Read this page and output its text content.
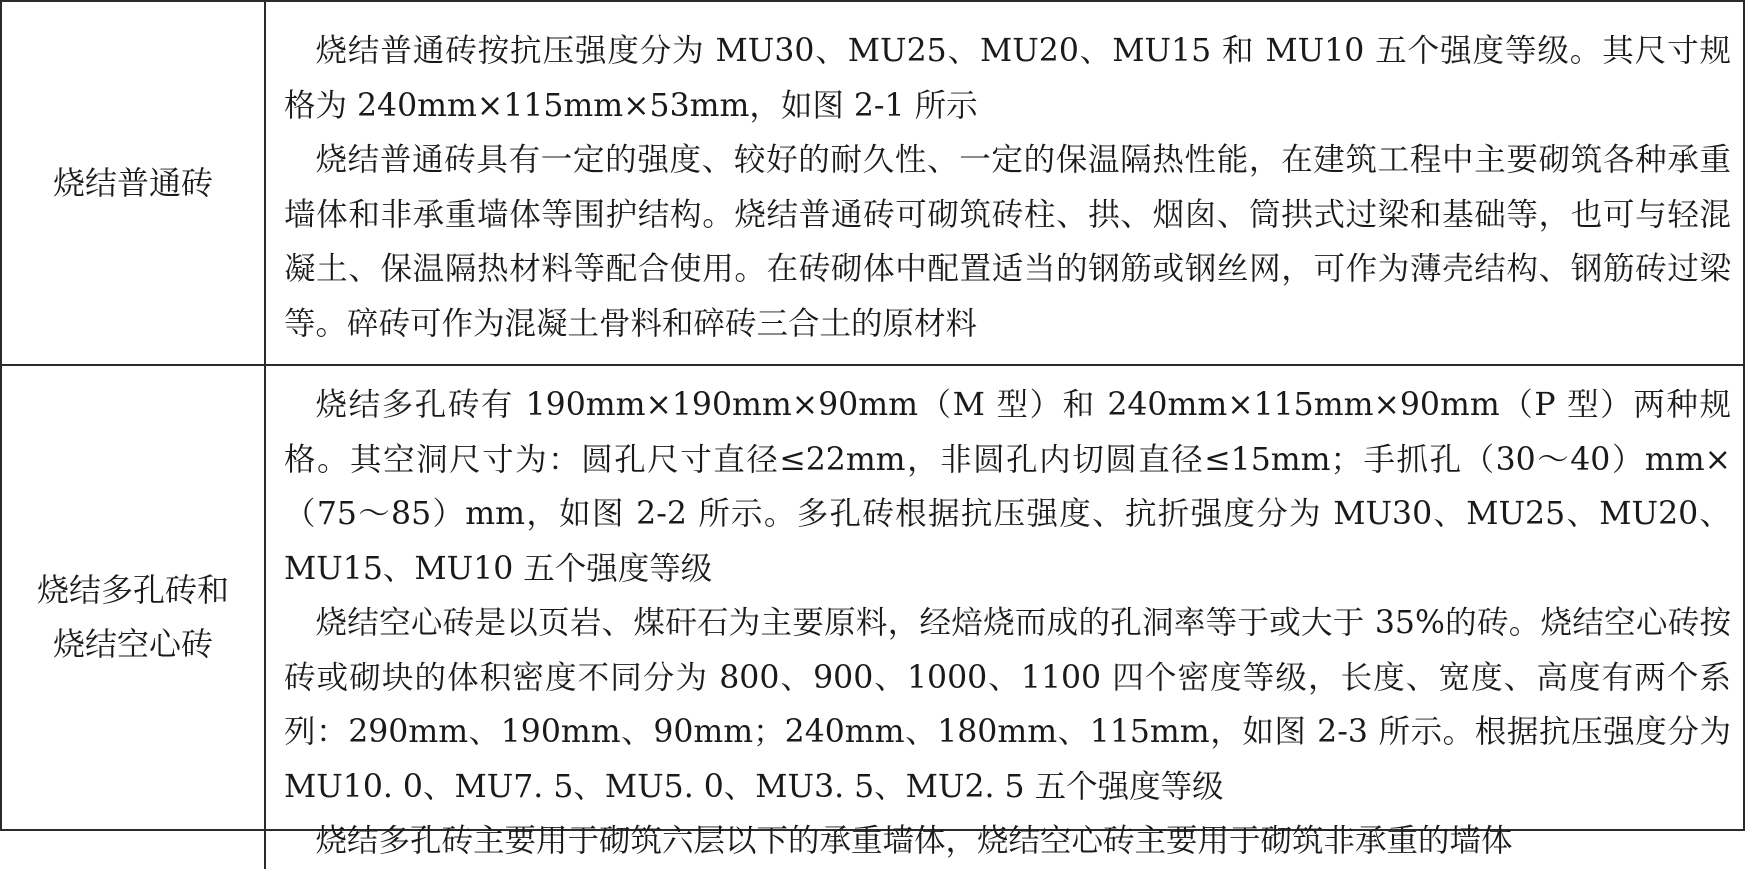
烧结普通砖

烧结普通砖按抗压强度分为 MU30、MU25、MU20、MU15 和 MU10 五个强度等级。其尺寸规格为 240mm×115mm×53mm，如图 2-1 所示

烧结普通砖具有一定的强度、较好的耐久性、一定的保温隔热性能，在建筑工程中主要砌筑各种承重墙体和非承重墙体等围护结构。烧结普通砖可砌筑砖柱、拱、烟囱、筒拱式过梁和基础等，也可与轻混凝土、保温隔热材料等配合使用。在砖砌体中配置适当的钢筋或钢丝网，可作为薄壳结构、钢筋砖过梁等。碎砖可作为混凝土骨料和碎砖三合土的原材料

烧结多孔砖和
烧结空心砖

烧结多孔砖有 190mm×190mm×90mm（M 型）和 240mm×115mm×90mm（P 型）两种规格。其空洞尺寸为：圆孔尺寸直径≤22mm，非圆孔内切圆直径≤15mm；手抓孔（30～40）mm×（75～85）mm，如图 2-2 所示。多孔砖根据抗压强度、抗折强度分为 MU30、MU25、MU20、MU15、MU10 五个强度等级

烧结空心砖是以页岩、煤矸石为主要原料，经焙烧而成的孔洞率等于或大于 35%的砖。烧结空心砖按砖或砌块的体积密度不同分为 800、900、1000、1100 四个密度等级，长度、宽度、高度有两个系列：290mm、190mm、90mm；240mm、180mm、115mm，如图 2-3 所示。根据抗压强度分为 MU10. 0、MU7. 5、MU5. 0、MU3. 5、MU2. 5 五个强度等级

烧结多孔砖主要用于砌筑六层以下的承重墙体，烧结空心砖主要用于砌筑非承重的墙体
